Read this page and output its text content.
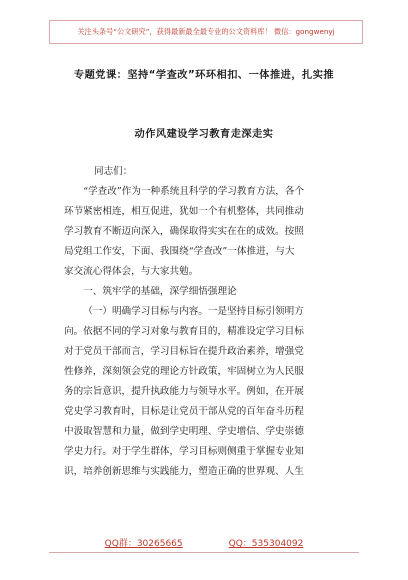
关注头条号“公文研究”，获得最新最全最专业的公文资料库！ 微信：gongwenyj
专题党课：坚持“学查改”环环相扣、一体推进，扎实推
动作风建设学习教育走深走实
同志们：

“学查改”作为一种系统且科学的学习教育方法，各个

环节紧密相连，相互促进，犹如一个有机整体，共同推动

学习教育不断迈向深入，确保取得实实在在的成效。按照

局党组工作安，下面、我围绕“学查改”一体推进，与大

家交流心得体会，与大家共勉。

一、筑牢学的基础，深学细悟强理论

（一）明确学习目标与内容。一是坚持目标引领明方

向。依据不同的学习对象与教育目的，精准设定学习目标

对于党员干部而言，学习目标旨在提升政治素养，增强党

性修养，深刻领会党的理论方针政策，牢固树立为人民服

务的宗旨意识，提升执政能力与领导水平。例如，在开展

党史学习教育时，目标是让党员干部从党的百年奋斗历程

中汲取智慧和力量，做到学史明理、学史增信、学史崇德

学史力行。对于学生群体，学习目标则侧重于掌握专业知

识，培养创新思维与实践能力，塑造正确的世界观、人生

QQ群：30265665	QQ：535304092
